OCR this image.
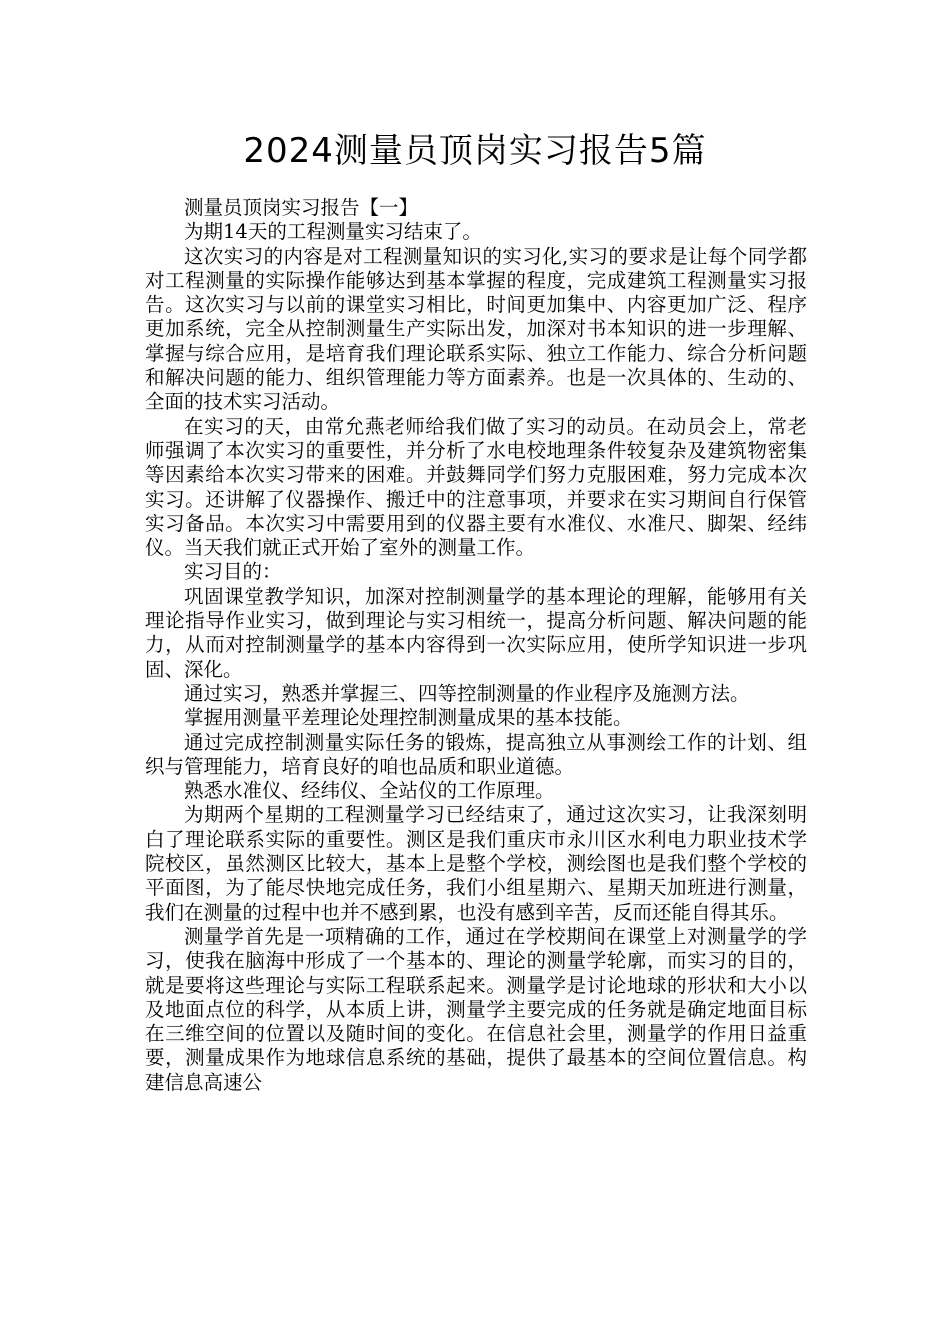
2024测量员顶岗实习报告5篇

测量员顶岗实习报告【一】

为期14天的工程测量实习结束了。

这次实习的内容是对工程测量知识的实习化,实习的要求是让每个同学都对工程测量的实际操作能够达到基本掌握的程度，完成建筑工程测量实习报告。这次实习与以前的课堂实习相比，时间更加集中、内容更加广泛、程序更加系统，完全从控制测量生产实际出发，加深对书本知识的进一步理解、掌握与综合应用，是培育我们理论联系实际、独立工作能力、综合分析问题和解决问题的能力、组织管理能力等方面素养。也是一次具体的、生动的、全面的技术实习活动。

在实习的天，由常允燕老师给我们做了实习的动员。在动员会上，常老师强调了本次实习的重要性，并分析了水电校地理条件较复杂及建筑物密集等因素给本次实习带来的困难。并鼓舞同学们努力克服困难，努力完成本次实习。还讲解了仪器操作、搬迁中的注意事项，并要求在实习期间自行保管实习备品。本次实习中需要用到的仪器主要有水准仪、水准尺、脚架、经纬仪。当天我们就正式开始了室外的测量工作。

实习目的：

巩固课堂教学知识，加深对控制测量学的基本理论的理解，能够用有关理论指导作业实习，做到理论与实习相统一，提高分析问题、解决问题的能力，从而对控制测量学的基本内容得到一次实际应用，使所学知识进一步巩固、深化。

通过实习，熟悉并掌握三、四等控制测量的作业程序及施测方法。

掌握用测量平差理论处理控制测量成果的基本技能。

通过完成控制测量实际任务的锻炼，提高独立从事测绘工作的计划、组织与管理能力，培育良好的咱也品质和职业道德。

熟悉水准仪、经纬仪、全站仪的工作原理。

为期两个星期的工程测量学习已经结束了，通过这次实习，让我深刻明白了理论联系实际的重要性。测区是我们重庆市永川区水利电力职业技术学院校区，虽然测区比较大，基本上是整个学校，测绘图也是我们整个学校的平面图，为了能尽快地完成任务，我们小组星期六、星期天加班进行测量，我们在测量的过程中也并不感到累，也没有感到辛苦，反而还能自得其乐。

测量学首先是一项精确的工作，通过在学校期间在课堂上对测量学的学习，使我在脑海中形成了一个基本的、理论的测量学轮廓，而实习的目的，就是要将这些理论与实际工程联系起来。测量学是讨论地球的形状和大小以及地面点位的科学，从本质上讲，测量学主要完成的任务就是确定地面目标在三维空间的位置以及随时间的变化。在信息社会里，测量学的作用日益重要，测量成果作为地球信息系统的基础，提供了最基本的空间位置信息。构建信息高速公
